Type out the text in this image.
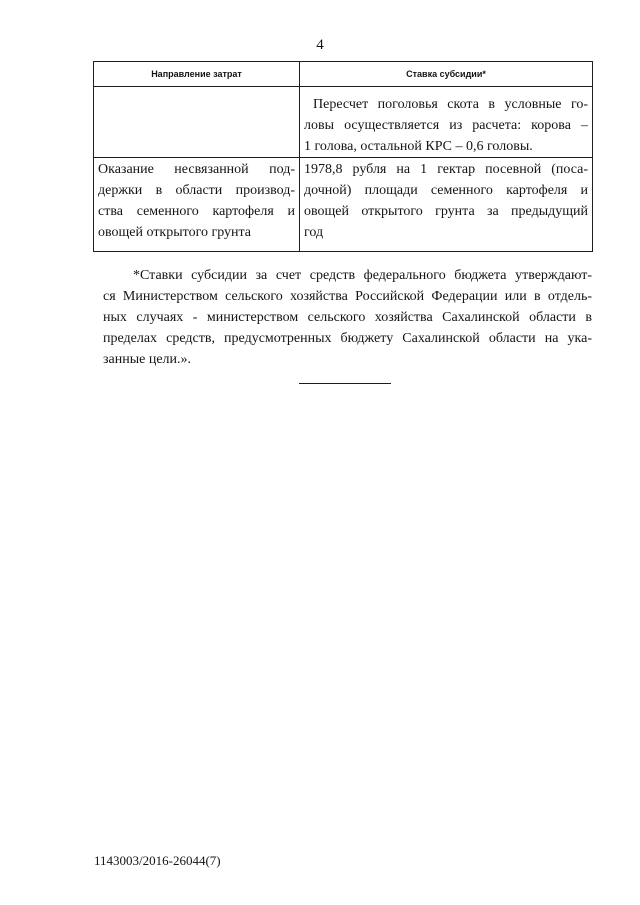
4
Направление затрат	Ставка субсидии*

	Пересчет поголовья скота в условные го-
ловы осуществляется из расчета: корова –
1 голова, остальной КРС – 0,6 головы.

Оказание несвязанной под-
держки в области производ-
ства семенного картофеля и
овощей открытого грунта	1978,8 рубля на 1 гектар посевной (поса-
дочной) площади семенного картофеля и
овощей открытого грунта за предыдущий
год
*Ставки субсидии за счет средств федерального бюджета утверждают-
ся Министерством сельского хозяйства Российской Федерации или в отдель-
ных случаях - министерством сельского хозяйства Сахалинской области в
пределах средств, предусмотренных бюджету Сахалинской области на ука-
занные цели.».
1143003/2016-26044(7)
